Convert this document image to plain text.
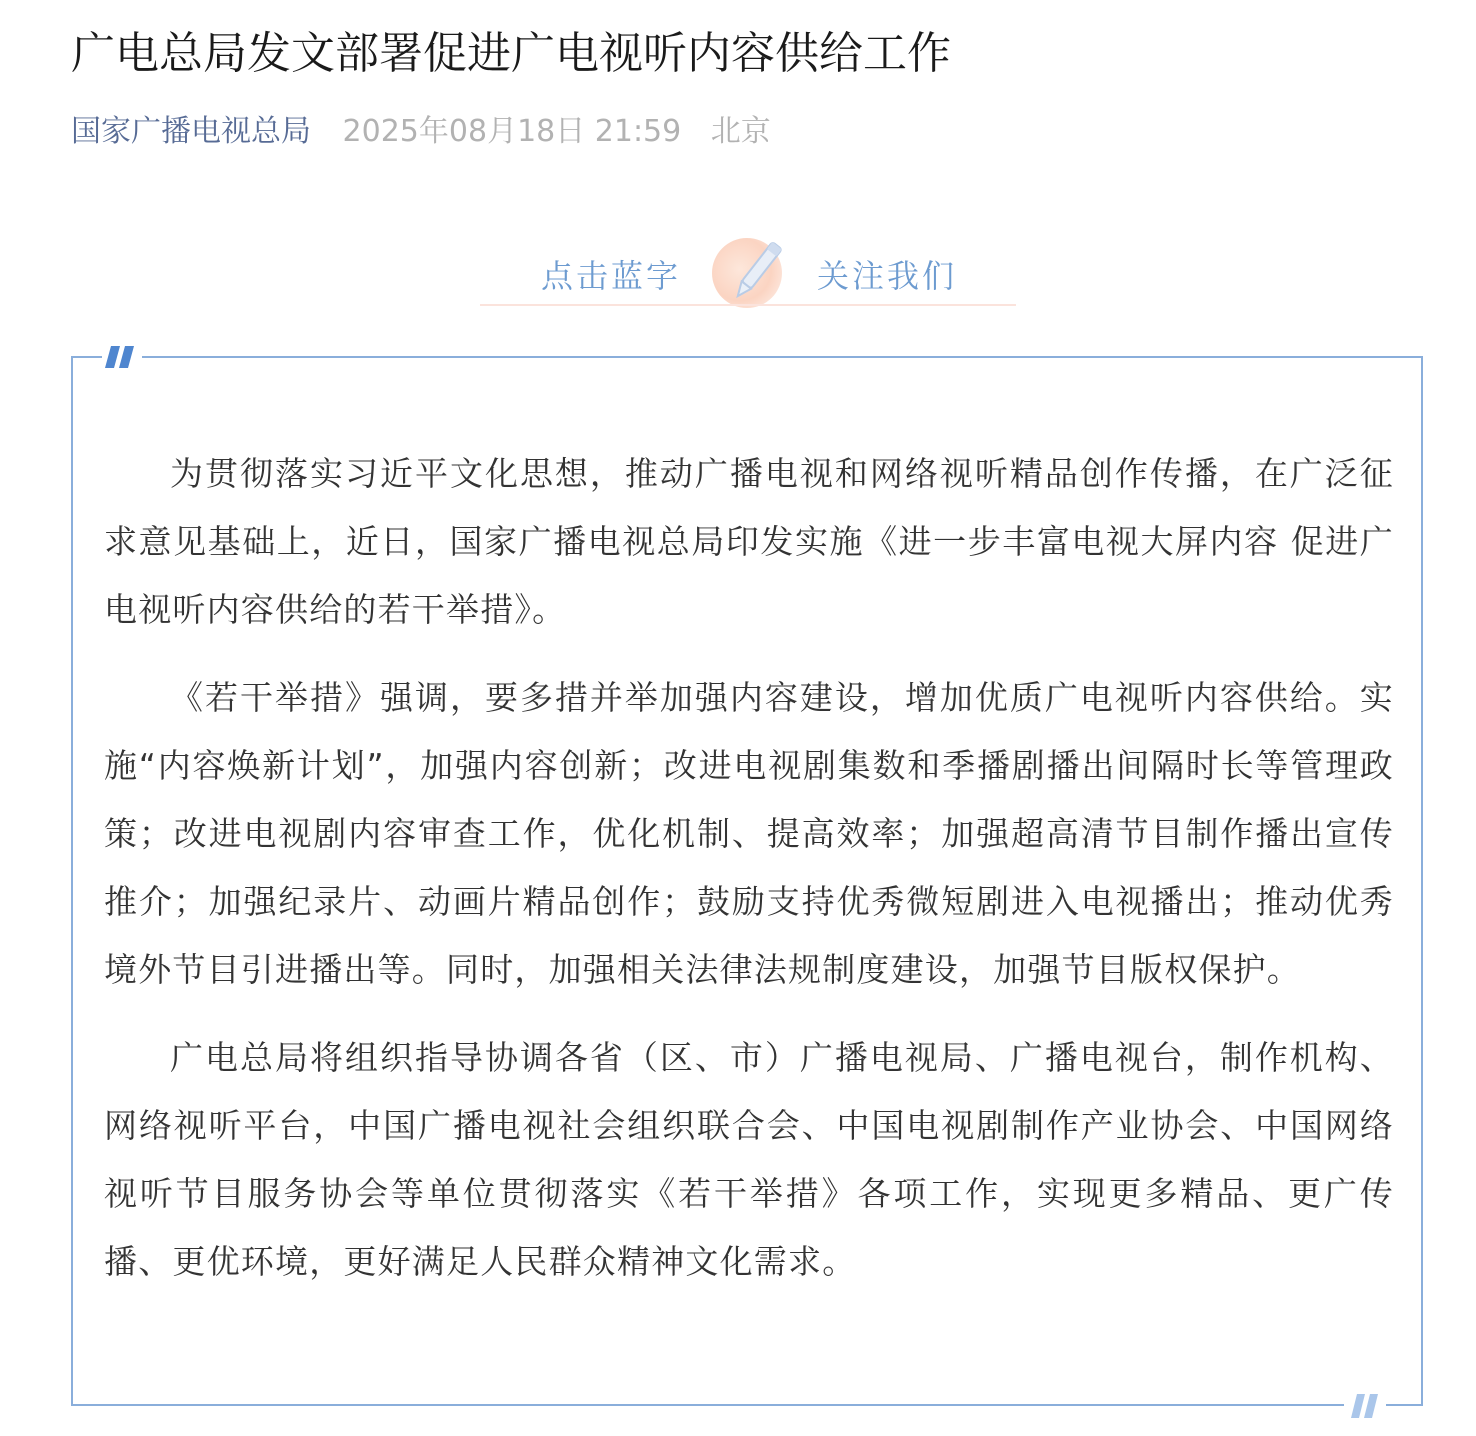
广电总局发文部署促进广电视听内容供给工作
国家广播电视总局 2025年08月18日 21:59 北京
点击蓝字	关注我们

为贯彻落实习近平文化思想，推动广播电视和网络视听精品创作传播，在广泛征求意见基础上，近日，国家广播电视总局印发实施《进一步丰富电视大屏内容 促进广电视听内容供给的若干举措》。

《若干举措》强调，要多措并举加强内容建设，增加优质广电视听内容供给。实施“内容焕新计划”，加强内容创新；改进电视剧集数和季播剧播出间隔时长等管理政策；改进电视剧内容审查工作，优化机制、提高效率；加强超高清节目制作播出宣传推介；加强纪录片、动画片精品创作；鼓励支持优秀微短剧进入电视播出；推动优秀境外节目引进播出等。同时，加强相关法律法规制度建设，加强节目版权保护。

广电总局将组织指导协调各省（区、市）广播电视局、广播电视台，制作机构、网络视听平台，中国广播电视社会组织联合会、中国电视剧制作产业协会、中国网络视听节目服务协会等单位贯彻落实《若干举措》各项工作，实现更多精品、更广传播、更优环境，更好满足人民群众精神文化需求。
